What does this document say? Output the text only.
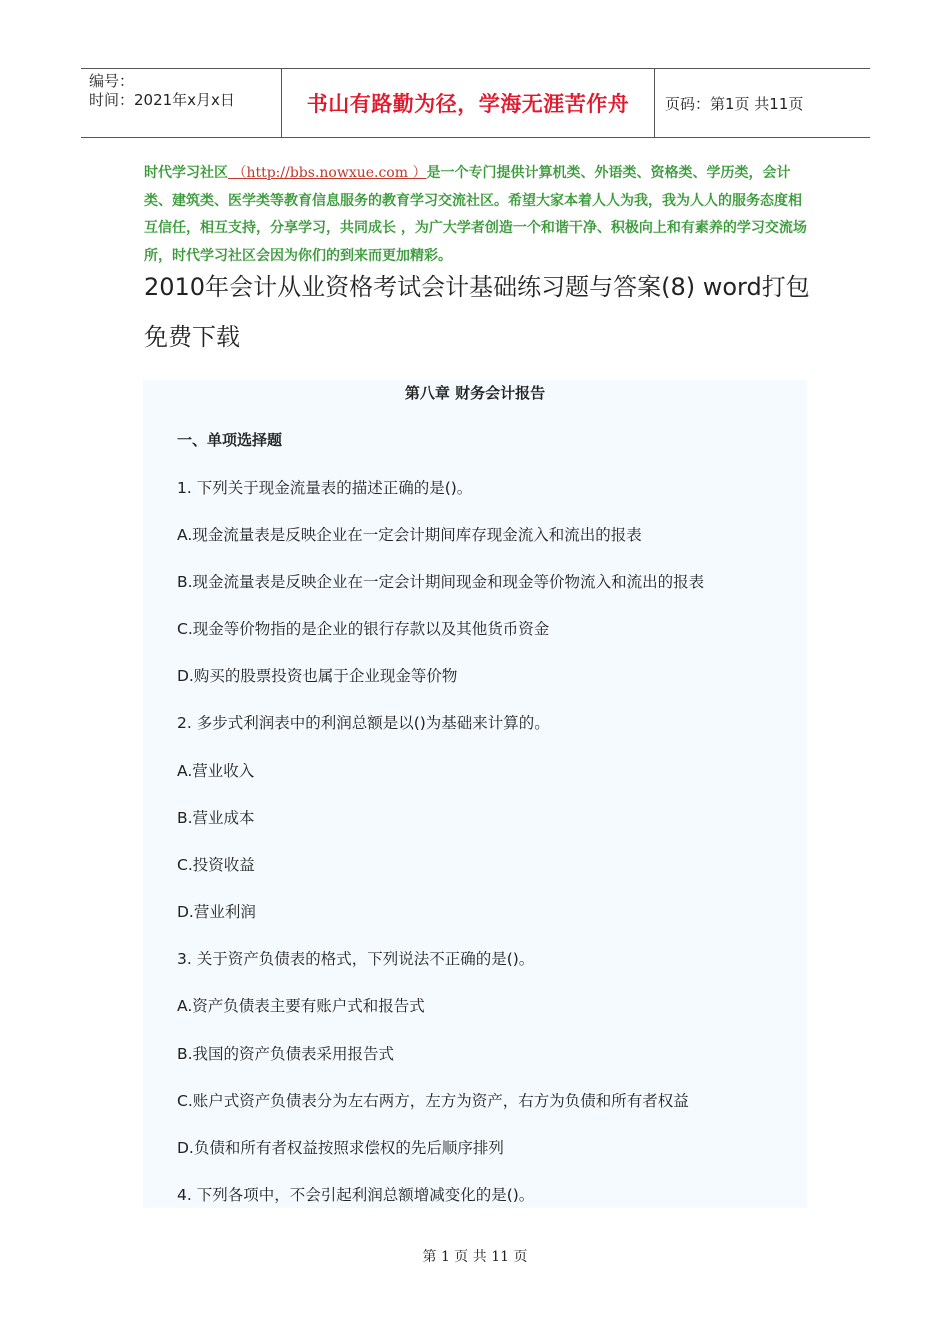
编号：
时间：2021年x月x日	书山有路勤为径，学海无涯苦作舟 页码：第1页 共11页
时代学习社区 （http://bbs.nowxue.com ）是一个专门提供计算机类、外语类、资格类、学历类，会计类、建筑类、医学类等教育信息服务的教育学习交流社区。希望大家本着人人为我，我为人人的服务态度相互信任，相互支持，分享学习，共同成长 ，为广大学者创造一个和谐干净、积极向上和有素养的学习交流场所，时代学习社区会因为你们的到来而更加精彩。
2010年会计从业资格考试会计基础练习题与答案(8) word打包免费下载
第八章 财务会计报告
一、单项选择题
1. 下列关于现金流量表的描述正确的是()。
A.现金流量表是反映企业在一定会计期间库存现金流入和流出的报表
B.现金流量表是反映企业在一定会计期间现金和现金等价物流入和流出的报表
C.现金等价物指的是企业的银行存款以及其他货币资金
D.购买的股票投资也属于企业现金等价物
2. 多步式利润表中的利润总额是以()为基础来计算的。
A.营业收入
B.营业成本
C.投资收益
D.营业利润
3. 关于资产负债表的格式，下列说法不正确的是()。
A.资产负债表主要有账户式和报告式
B.我国的资产负债表采用报告式
C.账户式资产负债表分为左右两方，左方为资产，右方为负债和所有者权益
D.负债和所有者权益按照求偿权的先后顺序排列
4. 下列各项中，不会引起利润总额增减变化的是()。
第 1 页 共 11 页
